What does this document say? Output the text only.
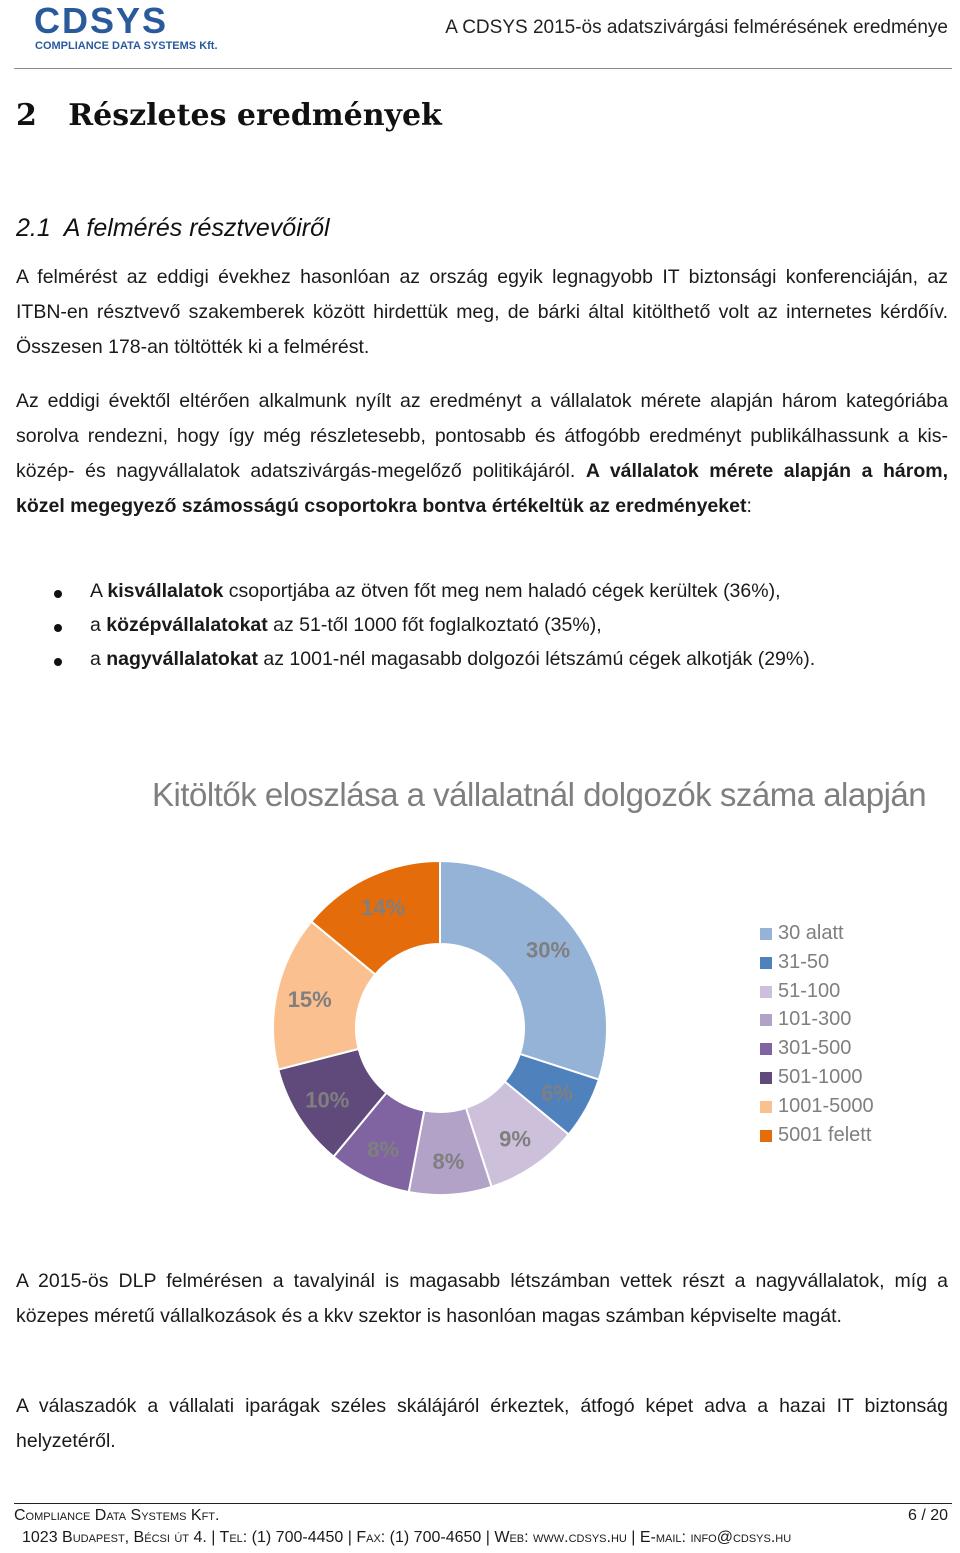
CDSYS
COMPLIANCE DATA SYSTEMS Kft.
A CDSYS 2015-ös adatszivárgási felmérésének eredménye
2   Részletes eredmények
2.1  A felmérés résztvevőiről
A felmérést az eddigi évekhez hasonlóan az ország egyik legnagyobb IT biztonsági konferenciáján, az ITBN-en résztvevő szakemberek között hirdettük meg, de bárki által kitölthető volt az internetes kérdőív. Összesen 178-an töltötték ki a felmérést.
Az eddigi évektől eltérően alkalmunk nyílt az eredményt a vállalatok mérete alapján három kategóriába sorolva rendezni, hogy így még részletesebb, pontosabb és átfogóbb eredményt publikálhassunk a kis- közép- és nagyvállalatok adatszivárgás-megelőző politikájáról. A vállalatok mérete alapján a három, közel megegyező számosságú csoportokra bontva értékeltük az eredményeket:
A kisvállalatok csoportjába az ötven főt meg nem haladó cégek kerültek (36%),
a középvállalatokat az 51-től 1000 főt foglalkoztató (35%),
a nagyvállalatokat az 1001-nél magasabb dolgozói létszámú cégek alkotják (29%).
Kitöltők eloszlása a vállalatnál dolgozók száma alapján
30%
6%
9%
8%
8%
10%
15%
14%
30 alatt
31-50
51-100
101-300
301-500
501-1000
1001-5000
5001 felett
A 2015-ös DLP felmérésen a tavalyinál is magasabb létszámban vettek részt a nagyvállalatok, míg a közepes méretű vállalkozások és a kkv szektor is hasonlóan magas számban képviselte magát.
A válaszadók a vállalati iparágak széles skálájáról érkeztek, átfogó képet adva a hazai IT biztonság helyzetéről.
Compliance Data Systems Kft.	6 / 20
1023 Budapest, Bécsi út 4. | Tel: (1) 700-4450 | Fax: (1) 700-4650 | Web: www.cdsys.hu | E-mail: info@cdsys.hu
